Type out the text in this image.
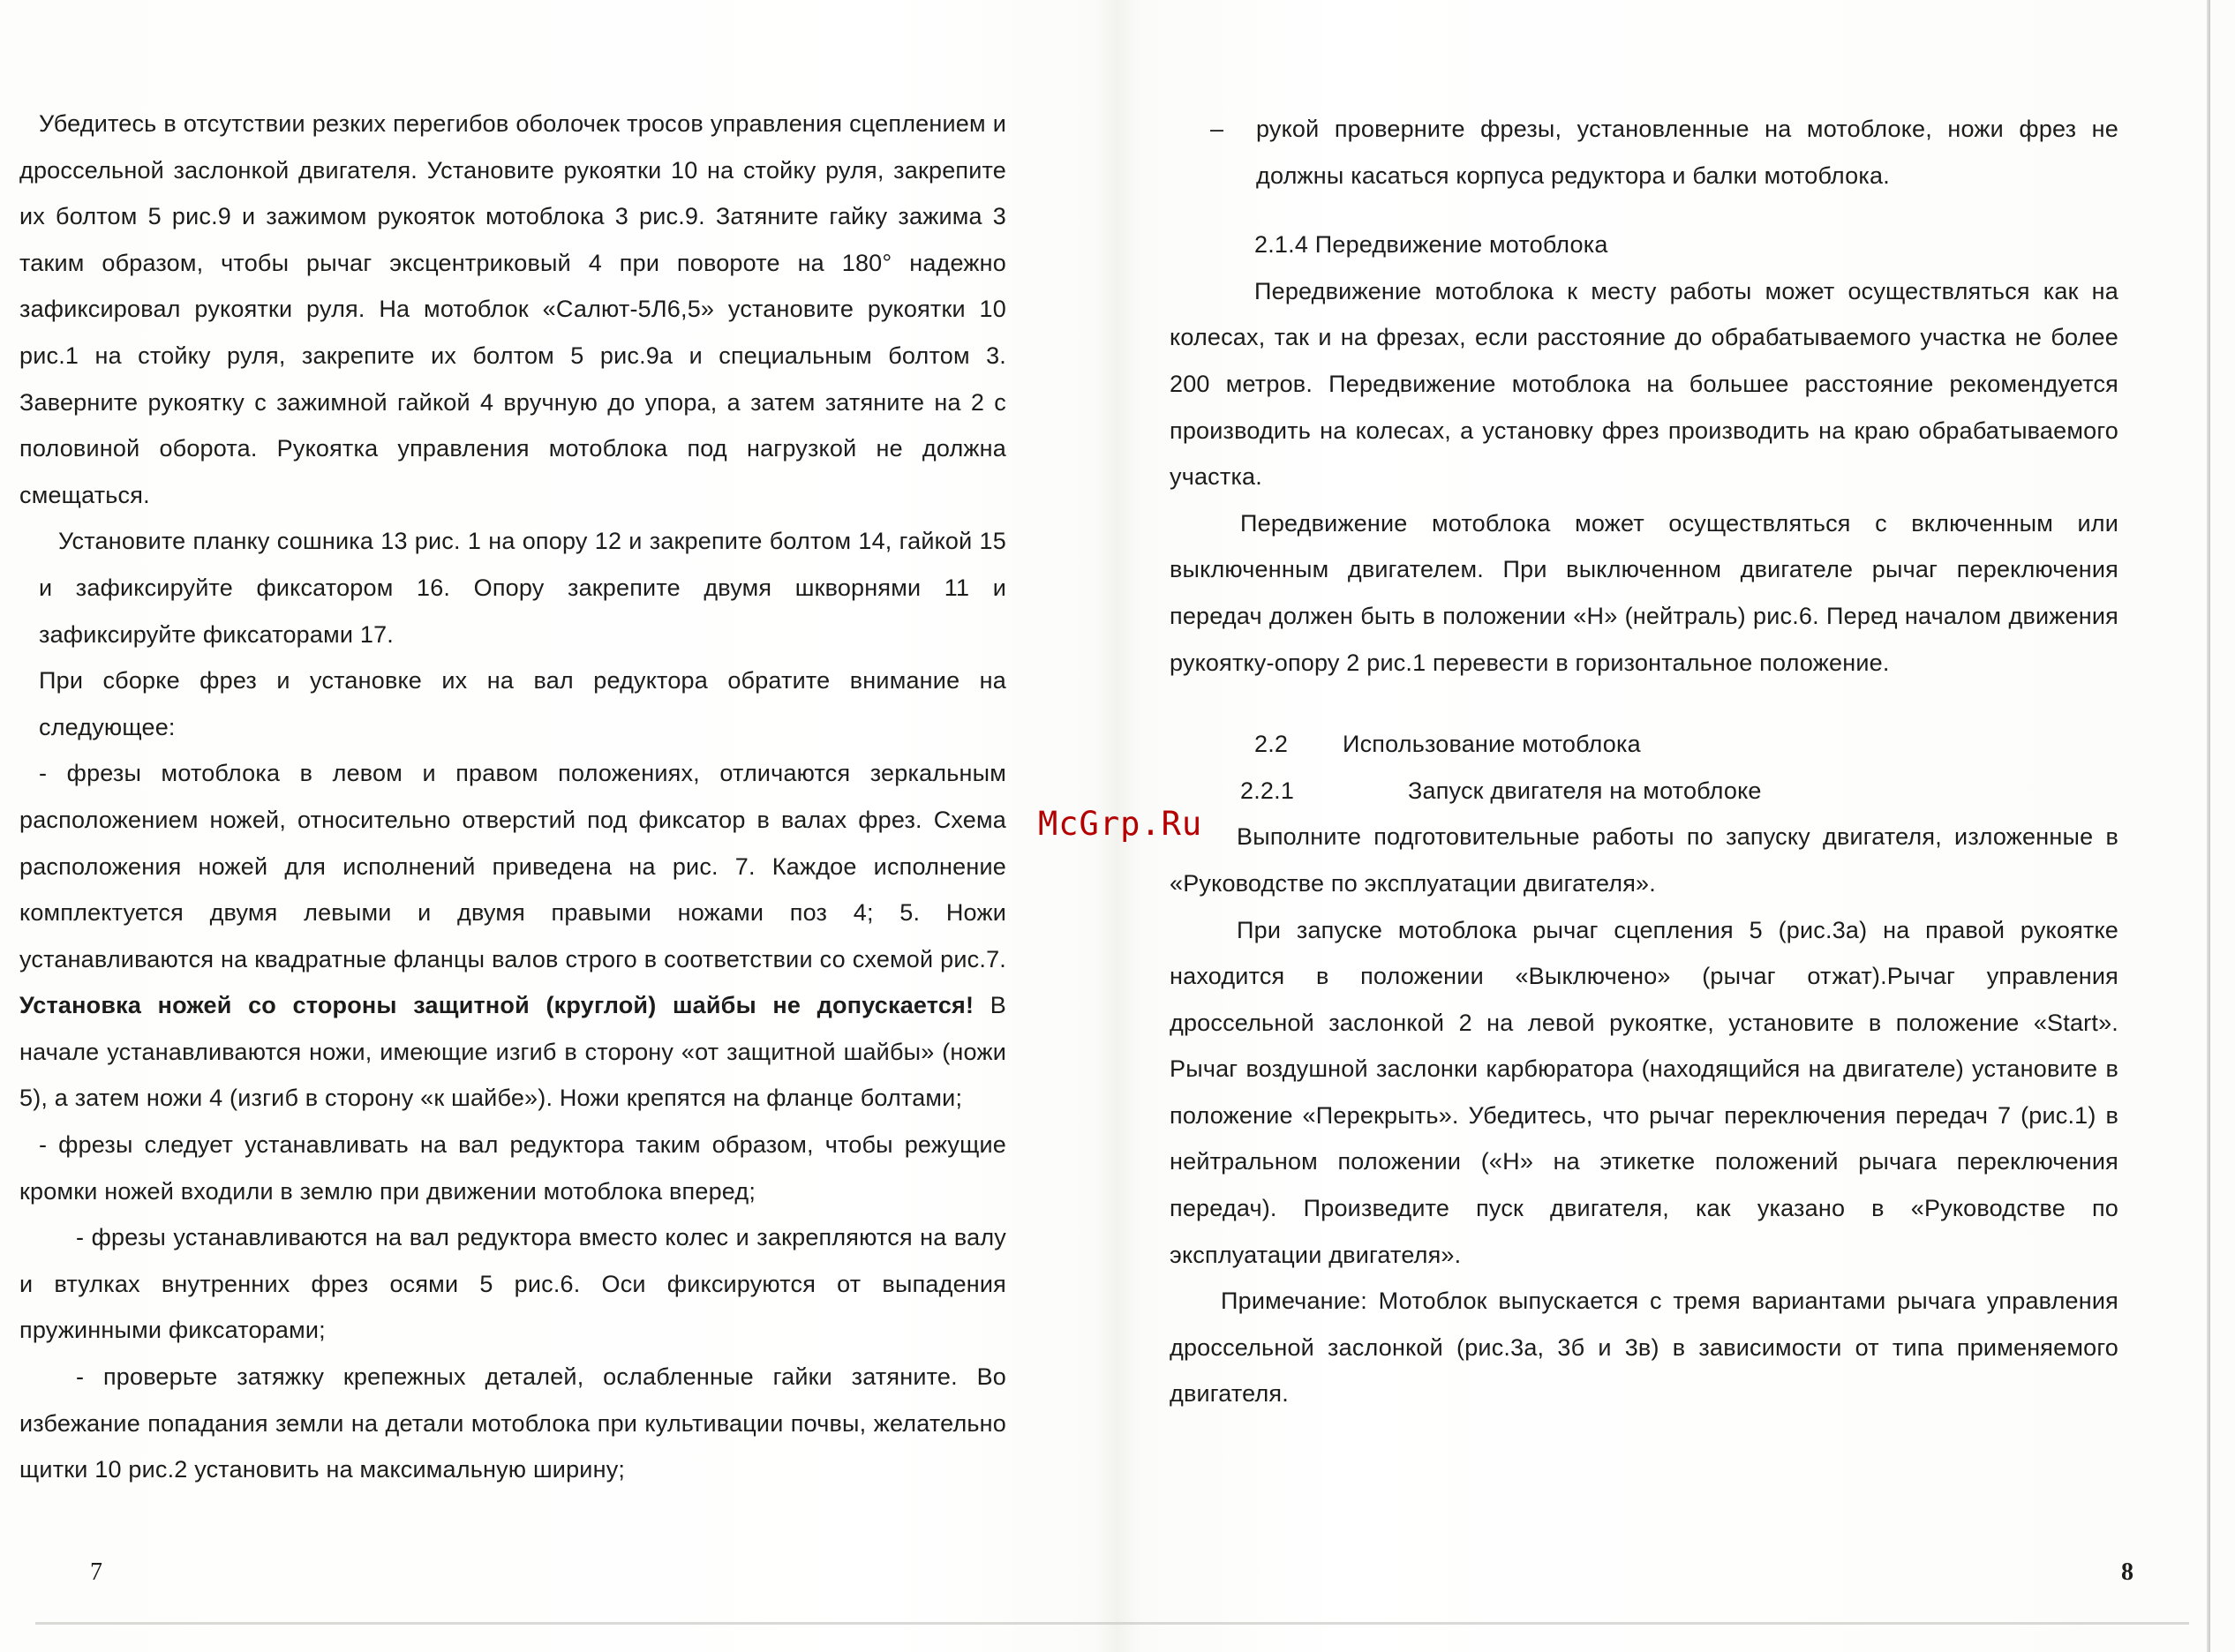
Убедитесь в отсутствии резких перегибов оболочек тросов управления сцеплением и дроссельной заслонкой двигателя. Установите рукоятки 10 на стойку руля, закрепите их болтом 5 рис.9 и зажимом рукояток мотоблока 3 рис.9. Затяните гайку зажима 3 таким образом, чтобы рычаг эксцентриковый 4 при повороте на 180° надежно зафиксировал рукоятки руля. На мотоблок «Салют-5Л6,5» установите рукоятки 10 рис.1 на стойку руля, закрепите их болтом 5 рис.9а и специальным болтом 3. Заверните рукоятку с зажимной гайкой 4 вручную до упора, а затем затяните на 2 с половиной оборота. Рукоятка управления мотоблока под нагрузкой не должна смещаться.

Установите планку сошника 13 рис. 1 на опору 12 и закрепите болтом 14, гайкой 15 и зафиксируйте фиксатором 16. Опору закрепите двумя шкворнями 11 и зафиксируйте фиксаторами 17.

При сборке фрез и установке их на вал редуктора обратите внимание на следующее:

- фрезы мотоблока в левом и правом положениях, отличаются зеркальным расположением ножей, относительно отверстий под фиксатор в валах фрез. Схема расположения ножей для исполнений приведена на рис. 7. Каждое исполнение комплектуется двумя левыми и двумя правыми ножами поз 4; 5. Ножи устанавливаются на квадратные фланцы валов строго в соответствии со схемой рис.7. Установка ножей со стороны защитной (круглой) шайбы не допускается! В начале устанавливаются ножи, имеющие изгиб в сторону «от защитной шайбы» (ножи 5), а затем ножи 4 (изгиб в сторону «к шайбе»). Ножи крепятся на фланце болтами;

- фрезы следует устанавливать на вал редуктора таким образом, чтобы режущие кромки ножей входили в землю при движении мотоблока вперед;

- фрезы устанавливаются на вал редуктора вместо колес и закрепляются на валу и втулках внутренних фрез осями 5 рис.6. Оси фиксируются от выпадения пружинными фиксаторами;

- проверьте затяжку крепежных деталей, ослабленные гайки затяните. Во избежание попадания земли на детали мотоблока при культивации почвы, желательно щитки 10 рис.2 установить на максимальную ширину;

7

– рукой проверните фрезы, установленные на мотоблоке, ножи фрез не должны касаться корпуса редуктора и балки мотоблока.

2.1.4 Передвижение мотоблока

Передвижение мотоблока к месту работы может осуществляться как на колесах, так и на фрезах, если расстояние до обрабатываемого участка не более 200 метров. Передвижение мотоблока на большее расстояние рекомендуется производить на колесах, а установку фрез производить на краю обрабатываемого участка.

Передвижение мотоблока может осуществляться с включенным или выключенным двигателем. При выключенном двигателе рычаг переключения передач должен быть в положении «Н» (нейтраль) рис.6. Перед началом движения рукоятку-опору 2 рис.1 перевести в горизонтальное положение.

2.2 Использование мотоблока

2.2.1	Запуск двигателя на мотоблоке

Выполните подготовительные работы по запуску двигателя, изложенные в «Руководстве по эксплуатации двигателя».

При запуске мотоблока рычаг сцепления 5 (рис.3а) на правой рукоятке находится в положении «Выключено» (рычаг отжат).Рычаг управления дроссельной заслонкой 2 на левой рукоятке, установите в положение «Start». Рычаг воздушной заслонки карбюратора (находящийся на двигателе) установите в положение «Перекрыть». Убедитесь, что рычаг переключения передач 7 (рис.1) в нейтральном положении («Н» на этикетке положений рычага переключения передач). Произведите пуск двигателя, как указано в «Руководстве по эксплуатации двигателя».

Примечание: Мотоблок выпускается с тремя вариантами рычага управления дроссельной заслонкой (рис.3а, 3б и 3в) в зависимости от типа применяемого двигателя.

8
McGrp.Ru
